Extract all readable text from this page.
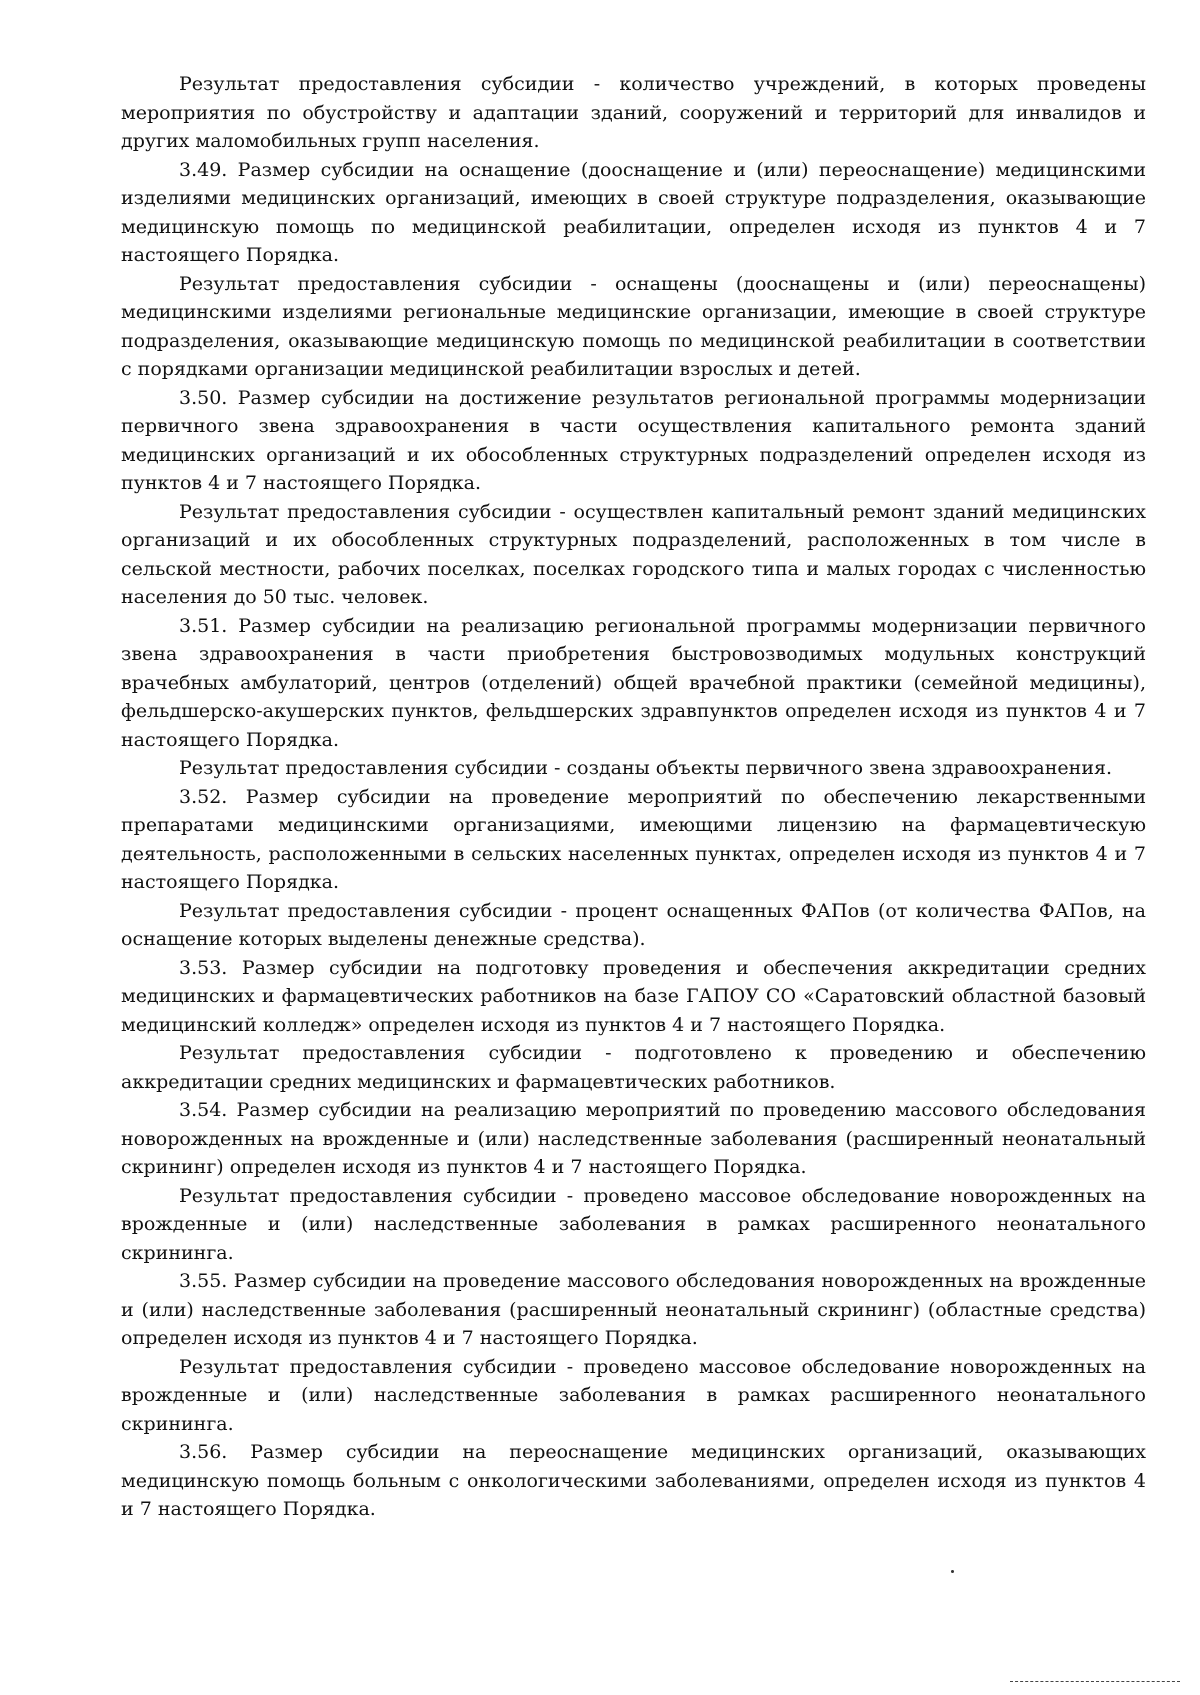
Результат предоставления субсидии - количество учреждений, в которых проведены мероприятия по обустройству и адаптации зданий, сооружений и территорий для инвалидов и других маломобильных групп населения.

3.49. Размер субсидии на оснащение (дооснащение и (или) переоснащение) медицинскими изделиями медицинских организаций, имеющих в своей структуре подразделения, оказывающие медицинскую помощь по медицинской реабилитации, определен исходя из пунктов 4 и 7 настоящего Порядка.

Результат предоставления субсидии - оснащены (дооснащены и (или) переоснащены) медицинскими изделиями региональные медицинские организации, имеющие в своей структуре подразделения, оказывающие медицинскую помощь по медицинской реабилитации в соответствии с порядками организации медицинской реабилитации взрослых и детей.

3.50. Размер субсидии на достижение результатов региональной программы модернизации первичного звена здравоохранения в части осуществления капитального ремонта зданий медицинских организаций и их обособленных структурных подразделений определен исходя из пунктов 4 и 7 настоящего Порядка.

Результат предоставления субсидии - осуществлен капитальный ремонт зданий медицинских организаций и их обособленных структурных подразделений, расположенных в том числе в сельской местности, рабочих поселках, поселках городского типа и малых городах с численностью населения до 50 тыс. человек.

3.51. Размер субсидии на реализацию региональной программы модернизации первичного звена здравоохранения в части приобретения быстровозводимых модульных конструкций врачебных амбулаторий, центров (отделений) общей врачебной практики (семейной медицины), фельдшерско-акушерских пунктов, фельдшерских здравпунктов определен исходя из пунктов 4 и 7 настоящего Порядка.

Результат предоставления субсидии - созданы объекты первичного звена здравоохранения.

3.52. Размер субсидии на проведение мероприятий по обеспечению лекарственными препаратами медицинскими организациями, имеющими лицензию на фармацевтическую деятельность, расположенными в сельских населенных пунктах, определен исходя из пунктов 4 и 7 настоящего Порядка.

Результат предоставления субсидии - процент оснащенных ФАПов (от количества ФАПов, на оснащение которых выделены денежные средства).

3.53. Размер субсидии на подготовку проведения и обеспечения аккредитации средних медицинских и фармацевтических работников на базе ГАПОУ СО «Саратовский областной базовый медицинский колледж» определен исходя из пунктов 4 и 7 настоящего Порядка.

Результат предоставления субсидии - подготовлено к проведению и обеспечению аккредитации средних медицинских и фармацевтических работников.

3.54. Размер субсидии на реализацию мероприятий по проведению массового обследования новорожденных на врожденные и (или) наследственные заболевания (расширенный неонатальный скрининг) определен исходя из пунктов 4 и 7 настоящего Порядка.

Результат предоставления субсидии - проведено массовое обследование новорожденных на врожденные и (или) наследственные заболевания в рамках расширенного неонатального скрининга.

3.55. Размер субсидии на проведение массового обследования новорожденных на врожденные и (или) наследственные заболевания (расширенный неонатальный скрининг) (областные средства) определен исходя из пунктов 4 и 7 настоящего Порядка.

Результат предоставления субсидии - проведено массовое обследование новорожденных на врожденные и (или) наследственные заболевания в рамках расширенного неонатального скрининга.

3.56. Размер субсидии на переоснащение медицинских организаций, оказывающих медицинскую помощь больным с онкологическими заболеваниями, определен исходя из пунктов 4 и 7 настоящего Порядка.
